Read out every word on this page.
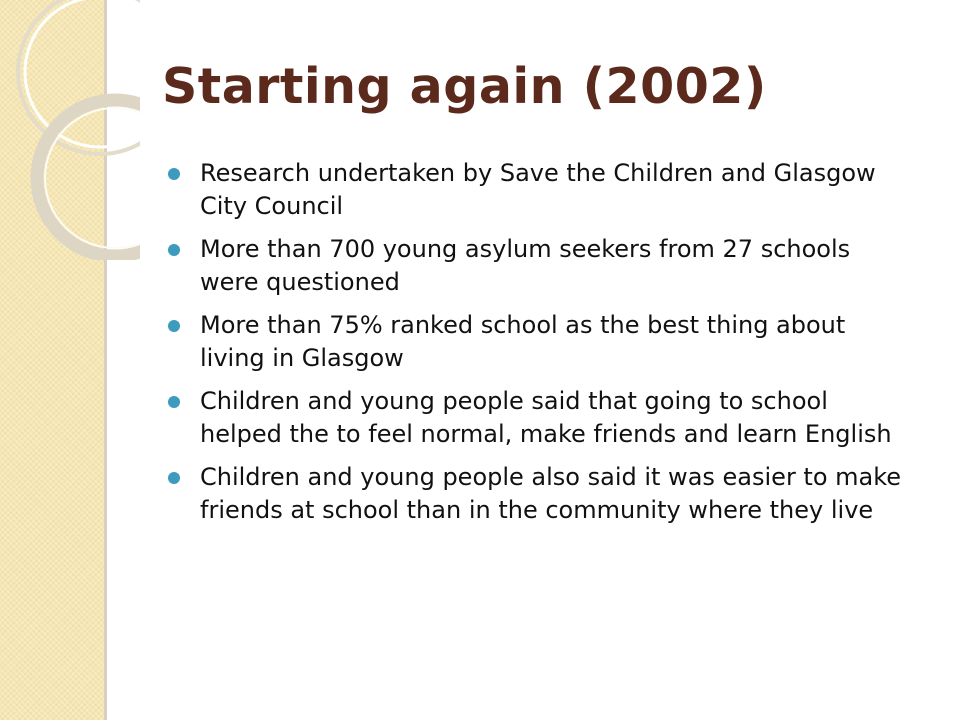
Starting again (2002)
Research undertaken by Save the Children and Glasgow City Council
More than 700 young asylum seekers from 27 schools were questioned
More than 75% ranked school as the best thing about living in Glasgow
Children and young people said that going to school helped the to feel normal, make friends and learn English
Children and young people also said it was easier to make friends at school than in the community where they live
